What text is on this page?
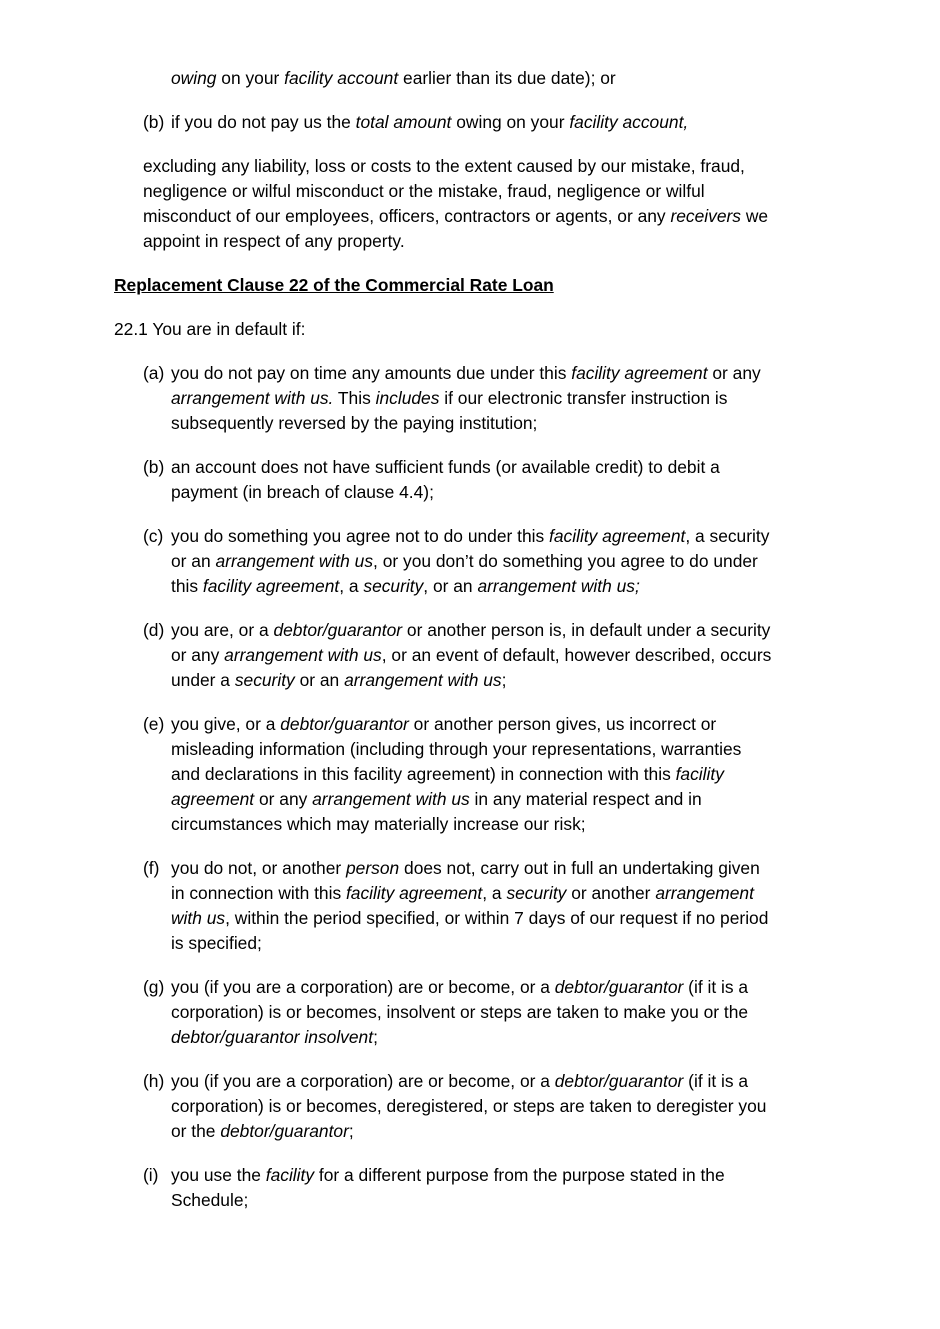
owing on your facility account earlier than its due date); or
(b) if you do not pay us the total amount owing on your facility account,
excluding any liability, loss or costs to the extent caused by our mistake, fraud,
negligence or wilful misconduct or the mistake, fraud, negligence or wilful
misconduct of our employees, officers, contractors or agents, or any receivers we
appoint in respect of any property.
Replacement Clause 22 of the Commercial Rate Loan
22.1 You are in default if:
(a) you do not pay on time any amounts due under this facility agreement or any
arrangement with us. This includes if our electronic transfer instruction is
subsequently reversed by the paying institution;
(b) an account does not have sufficient funds (or available credit) to debit a
payment (in breach of clause 4.4);
(c) you do something you agree not to do under this facility agreement, a security
or an arrangement with us, or you don’t do something you agree to do under
this facility agreement, a security, or an arrangement with us;
(d) you are, or a debtor/guarantor or another person is, in default under a security
or any arrangement with us, or an event of default, however described, occurs
under a security or an arrangement with us;
(e) you give, or a debtor/guarantor or another person gives, us incorrect or
misleading information (including through your representations, warranties
and declarations in this facility agreement) in connection with this facility
agreement or any arrangement with us in any material respect and in
circumstances which may materially increase our risk;
(f) you do not, or another person does not, carry out in full an undertaking given
in connection with this facility agreement, a security or another arrangement
with us, within the period specified, or within 7 days of our request if no period
is specified;
(g) you (if you are a corporation) are or become, or a debtor/guarantor (if it is a
corporation) is or becomes, insolvent or steps are taken to make you or the
debtor/guarantor insolvent;
(h) you (if you are a corporation) are or become, or a debtor/guarantor (if it is a
corporation) is or becomes, deregistered, or steps are taken to deregister you
or the debtor/guarantor;
(i) you use the facility for a different purpose from the purpose stated in the
Schedule;
